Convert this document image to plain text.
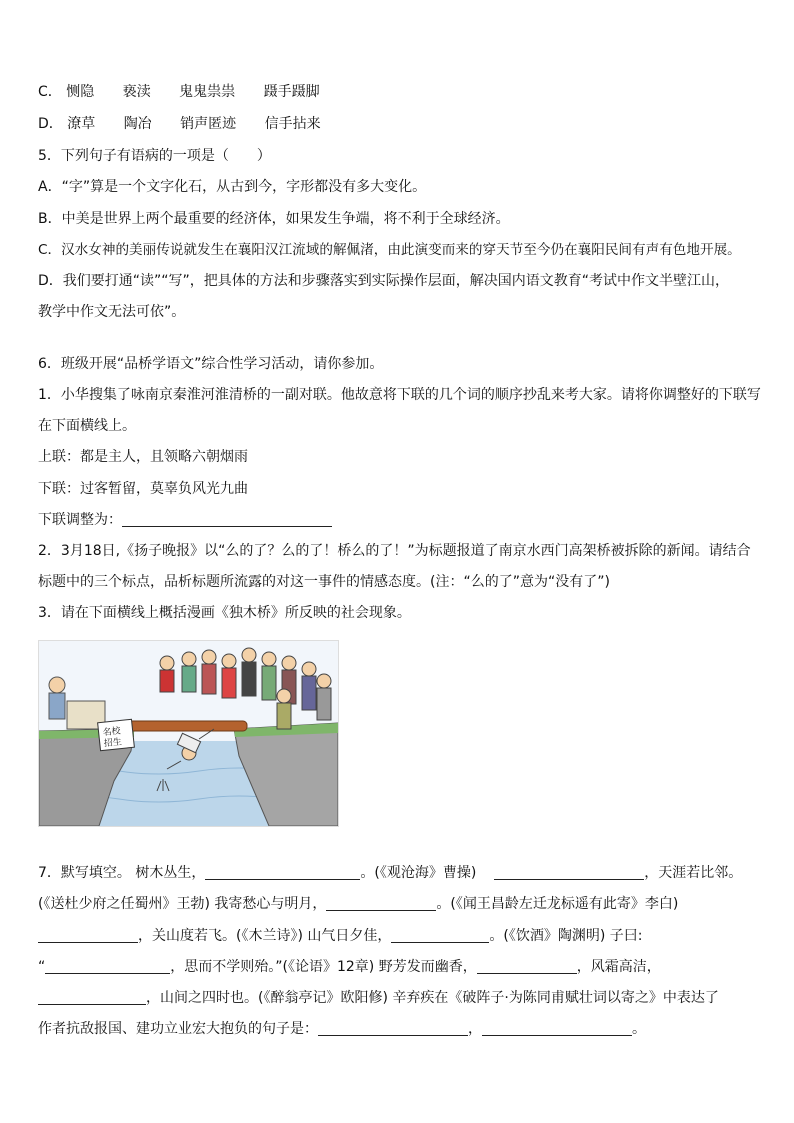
C． 恻隐 亵渎 鬼鬼祟祟 蹑手蹑脚
D． 潦草 陶冶 销声匿迹 信手拈来
5．下列句子有语病的一项是（　　）
A．“字”算是一个文字化石，从古到今，字形都没有多大变化。
B．中美是世界上两个最重要的经济体，如果发生争端，将不利于全球经济。
C．汉水女神的美丽传说就发生在襄阳汉江流域的解佩渚，由此演变而来的穿天节至今仍在襄阳民间有声有色地开展。
D．我们要打通“读”“写”，把具体的方法和步骤落实到实际操作层面，解决国内语文教育“考试中作文半壁江山，
教学中作文无法可依”。
6．班级开展“品桥学语文”综合性学习活动，请你参加。
1．小华搜集了咏南京秦淮河淮清桥的一副对联。他故意将下联的几个词的顺序抄乱来考大家。请将你调整好的下联写
在下面横线上。
上联：都是主人，且领略六朝烟雨
下联：过客暂留，莫辜负风光九曲
下联调整为：
2．3月18日,《扬子晚报》以“么的了？么的了！桥么的了！”为标题报道了南京水西门高架桥被拆除的新闻。请结合
标题中的三个标点，品析标题所流露的对这一事件的情感态度。(注：“么的了”意为“没有了”)
3．请在下面横线上概括漫画《独木桥》所反映的社会现象。
名校
招生
7．默写填空。 树木丛生，	。(《观沧海》曹操)	，天涯若比邻。
(《送杜少府之任蜀州》王勃) 我寄愁心与明月，	。(《闻王昌龄左迁龙标遥有此寄》李白)
，关山度若飞。(《木兰诗》) 山气日夕佳，	。(《饮酒》陶渊明) 子曰:
“	，思而不学则殆。”(《论语》12章) 野芳发而幽香，	，风霜高洁，
，山间之四时也。(《醉翁亭记》欧阳修) 辛弃疾在《破阵子·为陈同甫赋壮词以寄之》中表达了
作者抗敌报国、建功立业宏大抱负的句子是：	，	。
